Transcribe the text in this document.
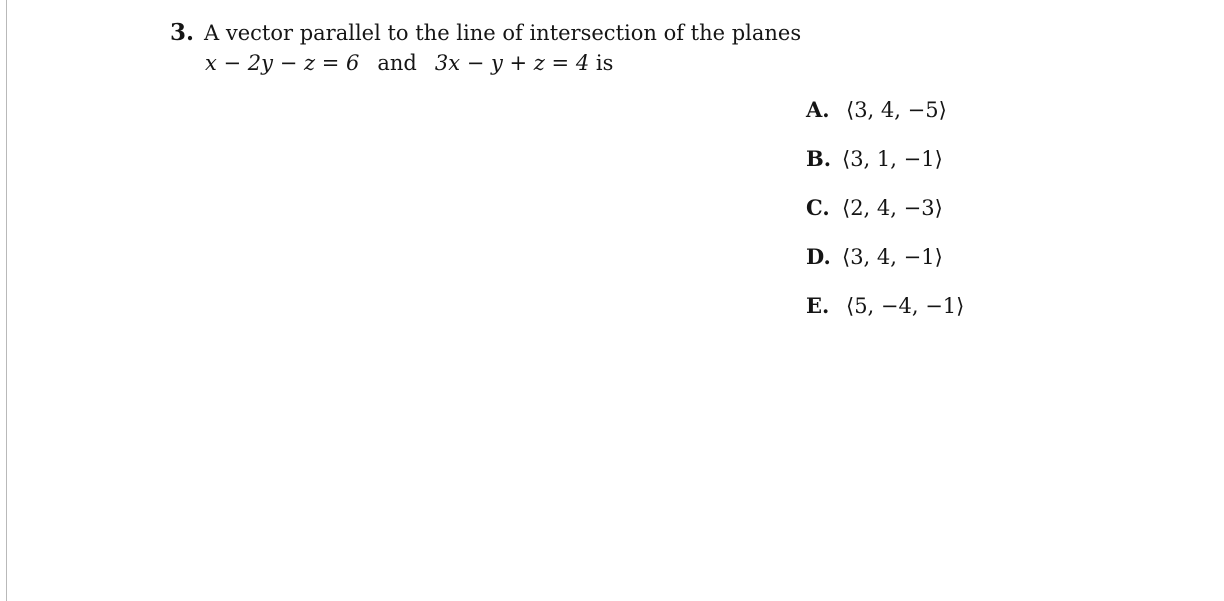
3. A vector parallel to the line of intersection of the planes
x − 2y − z = 6 and 3x − y + z = 4 is
A. ⟨3, 4, −5⟩
B. ⟨3, 1, −1⟩
C. ⟨2, 4, −3⟩
D. ⟨3, 4, −1⟩
E. ⟨5, −4, −1⟩
